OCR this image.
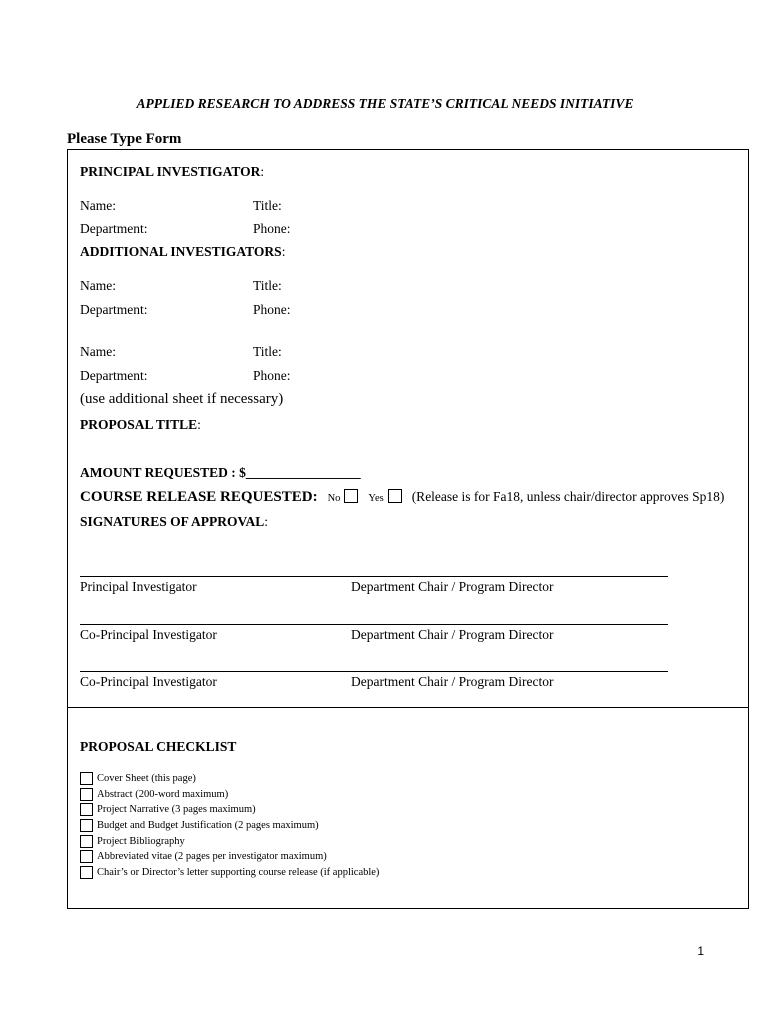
APPLIED RESEARCH TO ADDRESS THE STATE’S CRITICAL NEEDS INITIATIVE
Please Type Form
PRINCIPAL INVESTIGATOR:
Name:	Title:
Department:	Phone:
ADDITIONAL INVESTIGATORS:
Name:	Title:
Department:	Phone:
Name:	Title:
Department:	Phone:
(use additional sheet if necessary)
PROPOSAL TITLE:
AMOUNT REQUESTED : $_________________
COURSE RELEASE REQUESTED: No	Yes (Release is for Fa18, unless chair/director approves Sp18)
SIGNATURES OF APPROVAL:
Principal Investigator	Department Chair / Program Director
Co-Principal Investigator	Department Chair / Program Director
Co-Principal Investigator	Department Chair / Program Director
PROPOSAL CHECKLIST
Cover Sheet (this page)
Abstract (200-word maximum)
Project Narrative (3 pages maximum)
Budget and Budget Justification (2 pages maximum)
Project Bibliography
Abbreviated vitae (2 pages per investigator maximum)
Chair’s or Director’s letter supporting course release (if applicable)
1
